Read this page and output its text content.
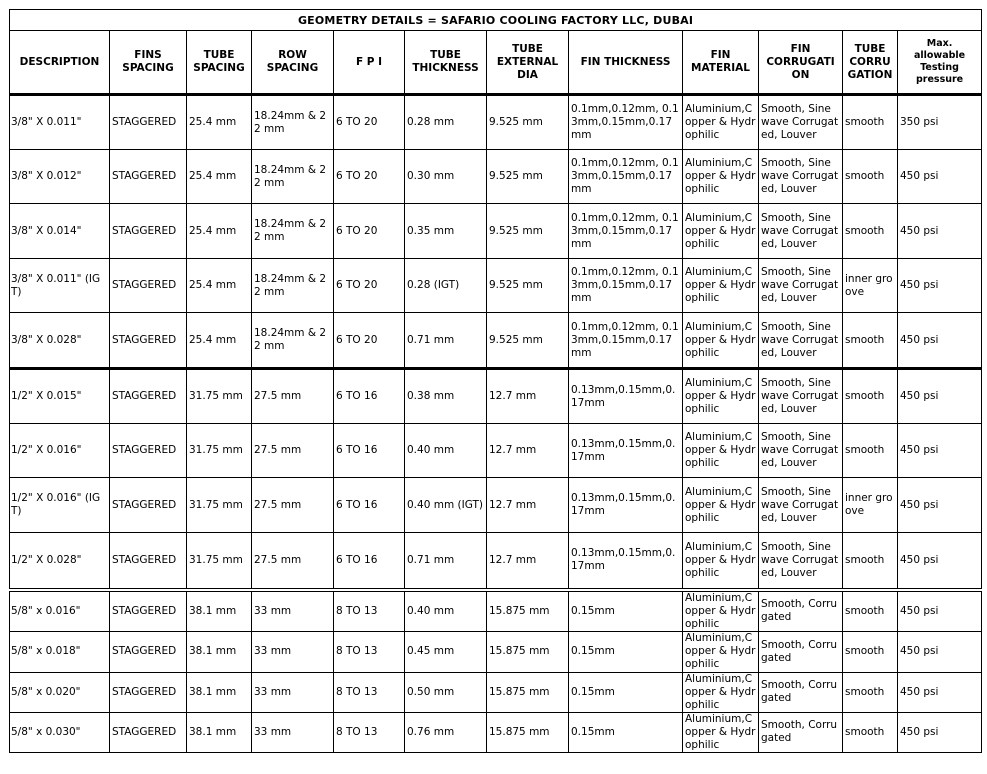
GEOMETRY DETAILS = SAFARIO COOLING FACTORY LLC, DUBAI											
DESCRIPTION	FINS SPACING	TUBE SPACING	ROW SPACING	F P I	TUBE THICKNESS	TUBE EXTERNAL DIA	FIN THICKNESS	FIN MATERIAL	FIN CORRUGATI ON	TUBE CORRU GATION	Max. allowable Testing pressure

3/8" X 0.011"	STAGGERED	25.4 mm	18.24mm & 22 mm	6 TO 20	0.28 mm	9.525 mm	0.1mm,0.12mm, 0.13mm,0.15mm,0.17mm	Aluminium,Copper & Hydrophilic	Smooth, Sine wave Corrugated, Louver	smooth	350 psi

3/8" X 0.012"	STAGGERED	25.4 mm	18.24mm & 22 mm	6 TO 20	0.30 mm	9.525 mm	0.1mm,0.12mm, 0.13mm,0.15mm,0.17mm	Aluminium,Copper & Hydrophilic	Smooth, Sine wave Corrugated, Louver	smooth	450 psi

3/8" X 0.014"	STAGGERED	25.4 mm	18.24mm & 22 mm	6 TO 20	0.35 mm	9.525 mm	0.1mm,0.12mm, 0.13mm,0.15mm,0.17mm	Aluminium,Copper & Hydrophilic	Smooth, Sine wave Corrugated, Louver	smooth	450 psi

3/8" X 0.011" (IGT)	STAGGERED	25.4 mm	18.24mm & 22 mm	6 TO 20	0.28 (IGT)	9.525 mm	0.1mm,0.12mm, 0.13mm,0.15mm,0.17mm	Aluminium,Copper & Hydrophilic	Smooth, Sine wave Corrugated, Louver	inner groove	450 psi

3/8" X 0.028"	STAGGERED	25.4 mm	18.24mm & 22 mm	6 TO 20	0.71 mm	9.525 mm	0.1mm,0.12mm, 0.13mm,0.15mm,0.17mm	Aluminium,Copper & Hydrophilic	Smooth, Sine wave Corrugated, Louver	smooth	450 psi

1/2" X 0.015"	STAGGERED	31.75 mm	27.5 mm	6 TO 16	0.38 mm	12.7 mm	0.13mm,0.15mm,0.17mm	Aluminium,Copper & Hydrophilic	Smooth, Sine wave Corrugated, Louver	smooth	450 psi

1/2" X 0.016"	STAGGERED	31.75 mm	27.5 mm	6 TO 16	0.40 mm	12.7 mm	0.13mm,0.15mm,0.17mm	Aluminium,Copper & Hydrophilic	Smooth, Sine wave Corrugated, Louver	smooth	450 psi

1/2" X 0.016" (IGT)	STAGGERED	31.75 mm	27.5 mm	6 TO 16	0.40 mm (IGT)	12.7 mm	0.13mm,0.15mm,0.17mm	Aluminium,Copper & Hydrophilic	Smooth, Sine wave Corrugated, Louver	inner groove	450 psi

1/2" X 0.028"	STAGGERED	31.75 mm	27.5 mm	6 TO 16	0.71 mm	12.7 mm	0.13mm,0.15mm,0.17mm	Aluminium,Copper & Hydrophilic	Smooth, Sine wave Corrugated, Louver	smooth	450 psi

5/8" x 0.016"	STAGGERED	38.1 mm	33 mm	8 TO 13	0.40 mm	15.875 mm	0.15mm	Aluminium,Copper & Hydrophilic	Smooth, Corrugated	smooth	450 psi

5/8" x 0.018"	STAGGERED	38.1 mm	33 mm	8 TO 13	0.45 mm	15.875 mm	0.15mm	Aluminium,Copper & Hydrophilic	Smooth, Corrugated	smooth	450 psi

5/8" x 0.020"	STAGGERED	38.1 mm	33 mm	8 TO 13	0.50 mm	15.875 mm	0.15mm	Aluminium,Copper & Hydrophilic	Smooth, Corrugated	smooth	450 psi

5/8" x 0.030"	STAGGERED	38.1 mm	33 mm	8 TO 13	0.76 mm	15.875 mm	0.15mm	Aluminium,Copper & Hydrophilic	Smooth, Corrugated	smooth	450 psi
